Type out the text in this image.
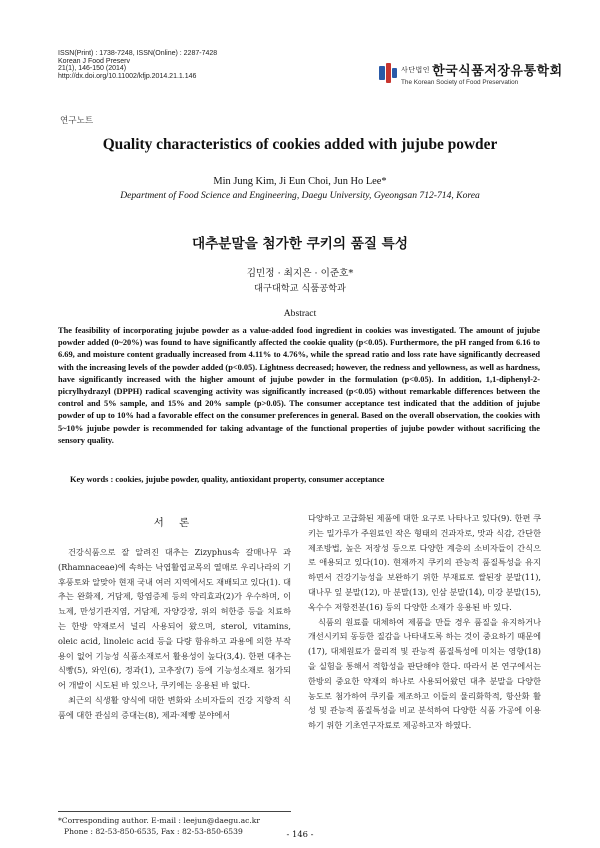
ISSN(Print) : 1738-7248, ISSN(Online) : 2287-7428
Korean J Food Preserv
21(1), 146-150 (2014)
http://dx.doi.org/10.11002/kfjp.2014.21.1.146
$^{사단법인}$ 한국식품저장유통학회
The Korean Society of Food Preservation
연구노트
Quality characteristics of cookies added with jujube powder
Min Jung Kim, Ji Eun Choi, Jun Ho Lee*
Department of Food Science and Engineering, Daegu University, Gyeongsan 712-714, Korea
대추분말을 첨가한 쿠키의 품질 특성
김민정 · 최지은 · 이준호*
대구대학교 식품공학과
Abstract
The feasibility of incorporating jujube powder as a value-added food ingredient in cookies was investigated. The amount of jujube powder added (0~20%) was found to have significantly affected the cookie quality (p<0.05). Furthermore, the pH ranged from 6.16 to 6.69, and moisture content gradually increased from 4.11% to 4.76%, while the spread ratio and loss rate have significantly decreased with the increasing levels of the powder added (p<0.05). Lightness decreased; however, the redness and yellowness, as well as hardness, have significantly increased with the higher amount of jujube powder in the formulation (p<0.05). In addition, 1,1-diphenyl-2-picrylhydrazyl (DPPH) radical scavenging activity was significantly increased (p<0.05) without remarkable differences between the control and 5% sample, and 15% and 20% sample (p>0.05). The consumer acceptance test indicated that the addition of jujube powder of up to 10% had a favorable effect on the consumer preferences in general. Based on the overall observation, the cookies with 5~10% jujube powder is recommended for taking advantage of the functional properties of jujube powder without sacrificing the sensory quality.
Key words : cookies, jujube powder, quality, antioxidant property, consumer acceptance
서 론

건강식품으로 잘 알려진 대추는 Zizyphus속 갈매나무 과(Rhamnaceae)에 속하는 낙엽활엽교목의 열매로 우리나라의 기후풍토와 알맞아 현재 국내 여러 지역에서도 재배되고 있다(1). 대추는 완화제, 거담제, 항염증제 등의 약리효과(2)가 우수하며, 이뇨제, 만성기관지염, 거담제, 자양강장, 위의 허한증 등을 치료하는 한방 약재로서 널리 사용되어 왔으며, sterol, vitamins, oleic acid, linoleic acid 등을 다량 함유하고 과용에 의한 부작용이 없어 기능성 식품소재로서 활용성이 높다(3,4). 한편 대추는 식빵(5), 와인(6), 정과(1), 고추장(7) 등에 기능성소재로 첨가되어 개발이 시도된 바 있으나, 쿠키에는 응용된 바 없다.

최근의 식생활 양식에 대한 변화와 소비자들의 건강 지향적 식품에 대한 관심의 증대는(8), 제과·제빵 분야에서

다양하고 고급화된 제품에 대한 요구로 나타나고 있다(9). 한편 쿠키는 밀가루가 주원료인 작은 형태의 건과자로, 맛과 식감, 간단한 제조방법, 높은 저장성 등으로 다양한 계층의 소비자들이 간식으로 애용되고 있다(10). 현재까지 쿠키의 관능적 품질특성을 유지하면서 건강기능성을 보완하기 위한 부재료로 쌀된장 분말(11), 대나무 잎 분말(12), 마 분말(13), 인삼 분말(14), 미강 분말(15), 옥수수 저항전분(16) 등의 다양한 소재가 응용된 바 있다.

식품의 원료를 대체하여 제품을 만들 경우 품질을 유지하거나 개선시키되 동등한 질감을 나타내도록 하는 것이 중요하기 때문에(17), 대체원료가 물리적 및 관능적 품질특성에 미치는 영향(18)을 실험을 통해서 적합성을 판단해야 한다. 따라서 본 연구에서는 한방의 중요한 약재의 하나로 사용되어왔던 대추 분말을 다양한 농도로 첨가하여 쿠키를 제조하고 이들의 물리화학적, 항산화 활성 및 관능적 품질특성을 비교 분석하여 다양한 식품 가공에 이용하기 위한 기초연구자료로 제공하고자 하였다.

*Corresponding author. E-mail : leejun@daegu.ac.kr
Phone : 82-53-850-6535, Fax : 82-53-850-6539	- 146 -
